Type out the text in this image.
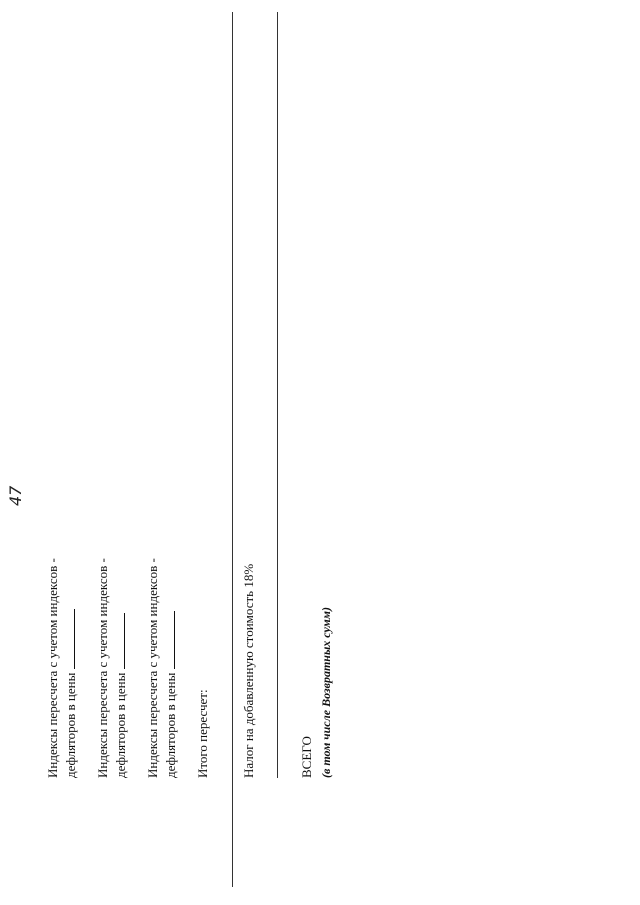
47
Индексы пересчета с учетом индексов - дефляторов в цены Индексы пересчета с учетом индексов - дефляторов в цены Индексы пересчета с учетом индексов - дефляторов в цены Итого пересчет: Налог на добавленную стоимость 18%	ВСЕГО (в том числе Возвратных сумм)
